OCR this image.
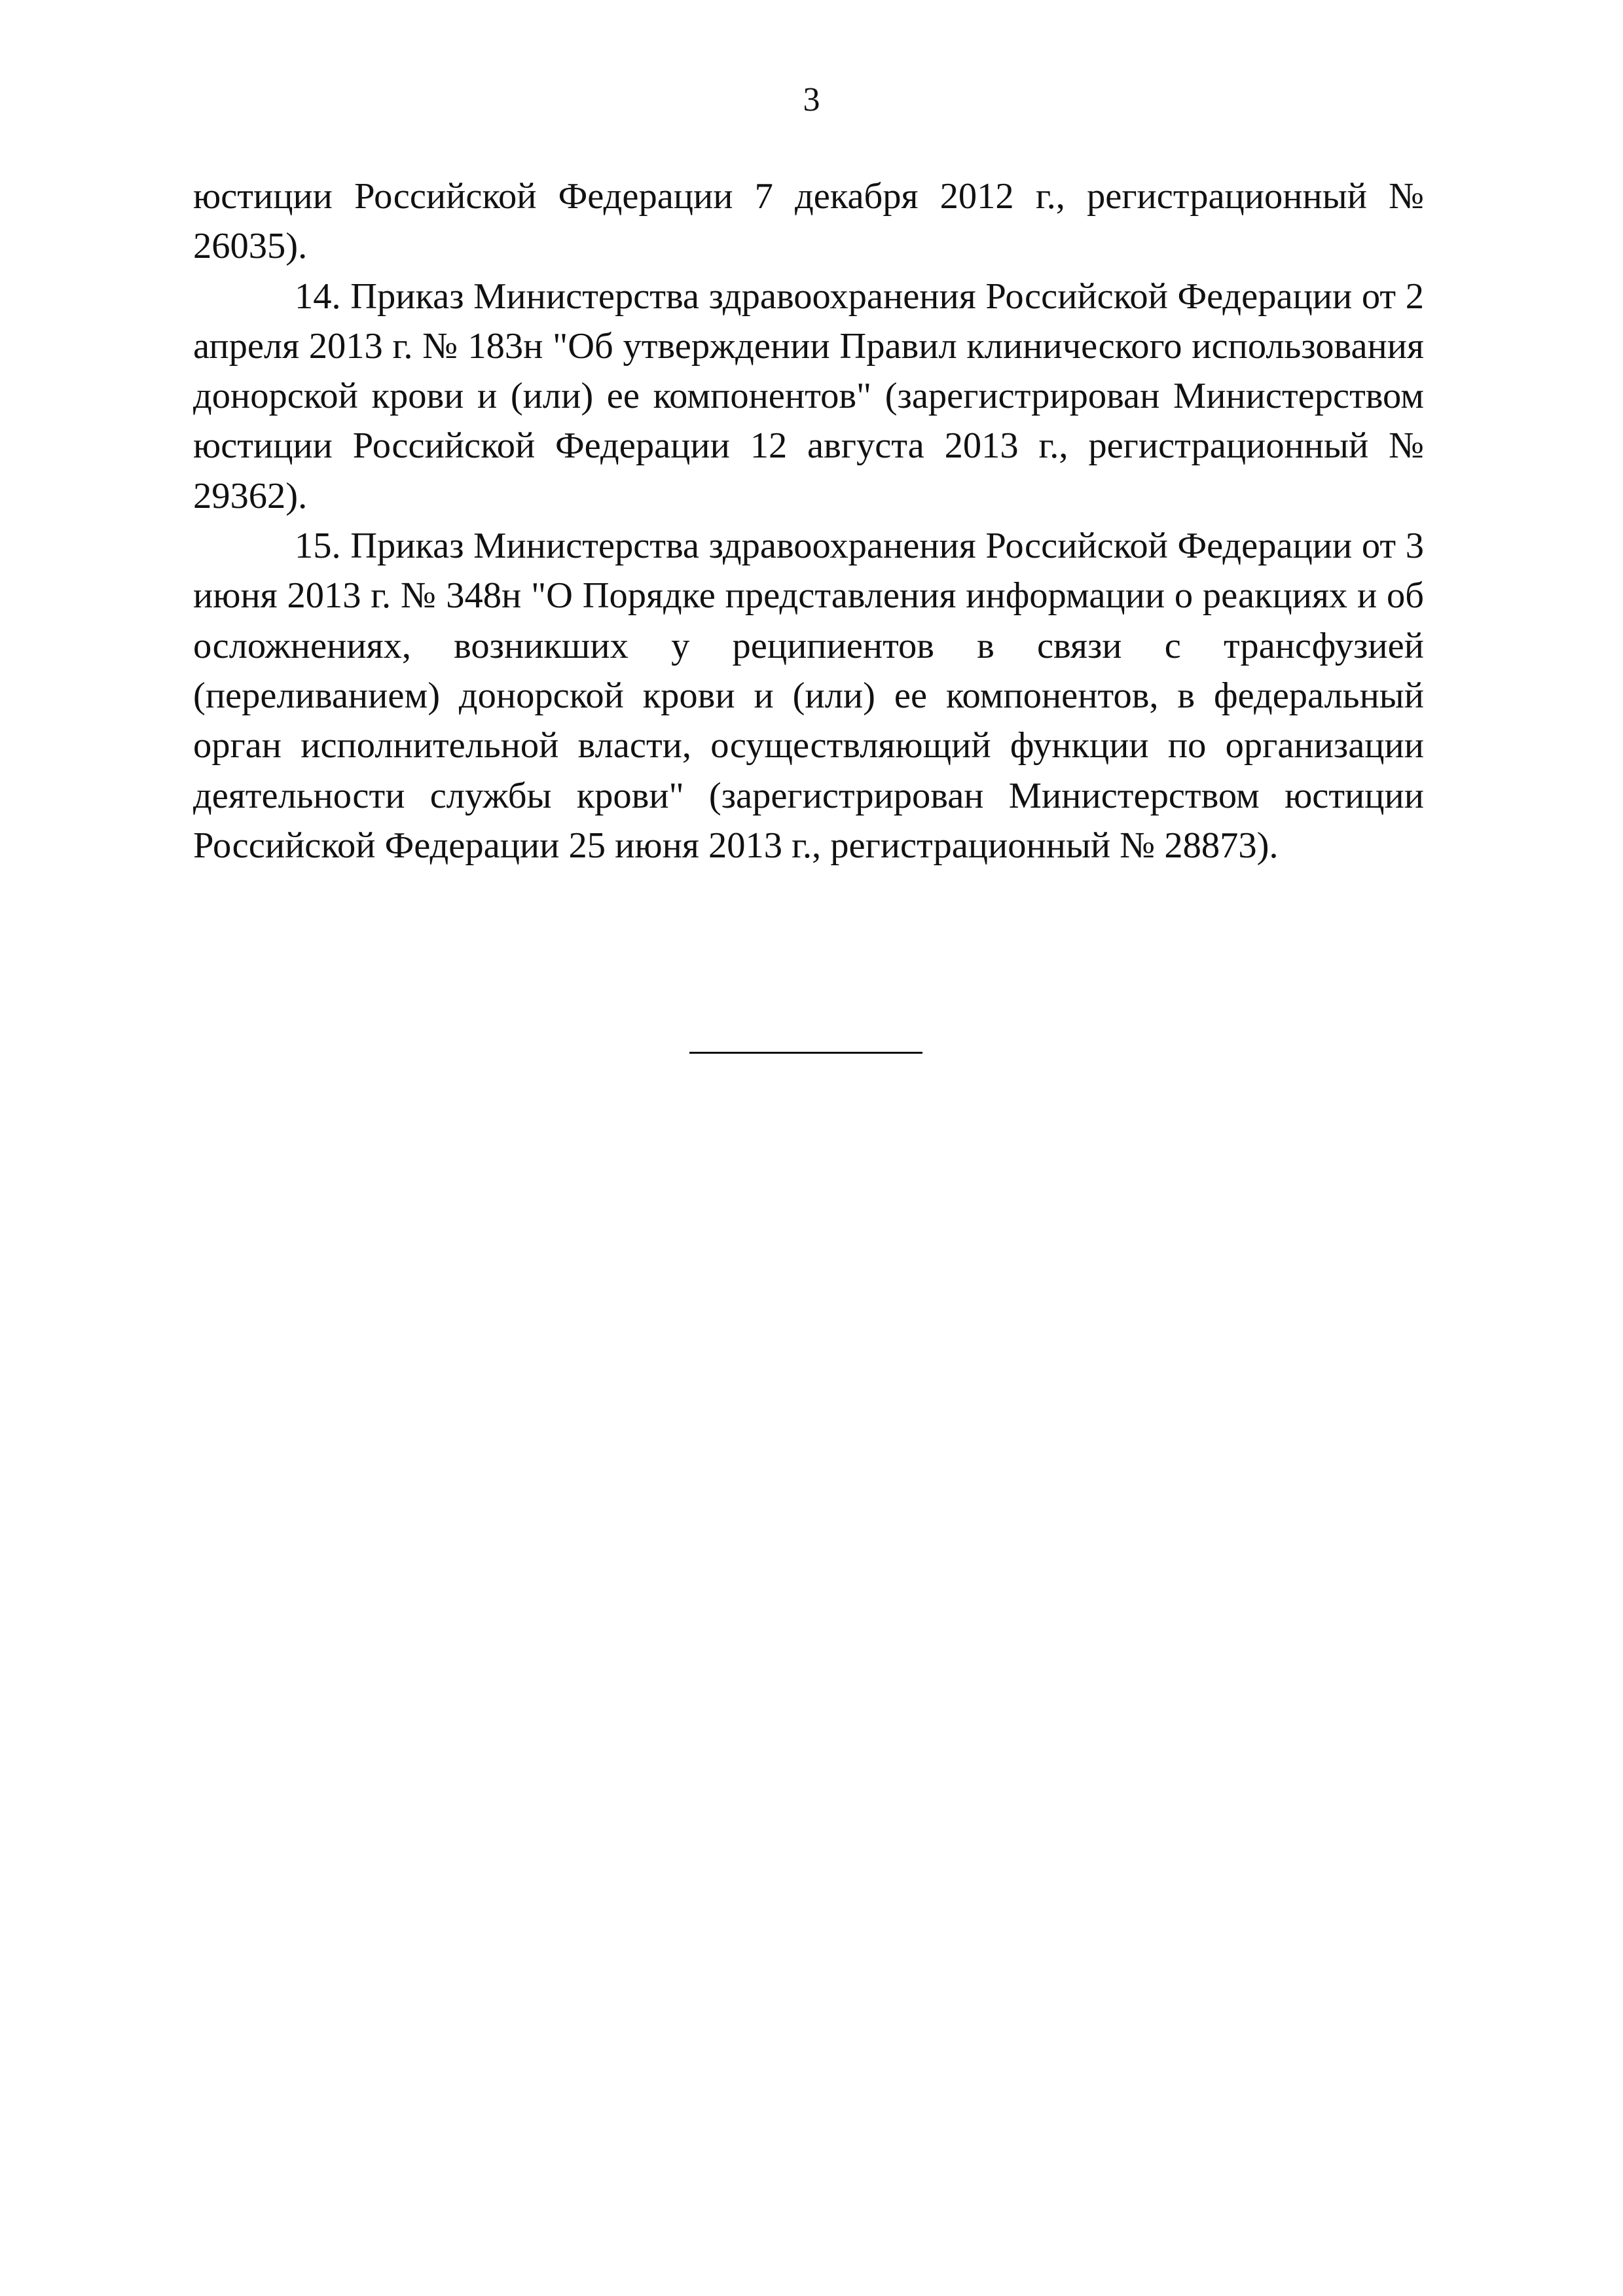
3

юстиции Российской Федерации 7 декабря 2012 г., регистрационный № 26035).

14. Приказ Министерства здравоохранения Российской Федерации от 2 апреля 2013 г. № 183н "Об утверждении Правил клинического использования донорской крови и (или) ее компонентов" (зарегистрирован Министерством юстиции Российской Федерации 12 августа 2013 г., регистрационный № 29362).

15. Приказ Министерства здравоохранения Российской Федерации от 3 июня 2013 г. № 348н "О Порядке представления информации о реакциях и об осложнениях, возникших у реципиентов в связи с трансфузией (переливанием) донорской крови и (или) ее компонентов, в федеральный орган исполнительной власти, осуществляющий функции по организации деятельности службы крови" (зарегистрирован Министерством юстиции Российской Федерации 25 июня 2013 г., регистрационный № 28873).
